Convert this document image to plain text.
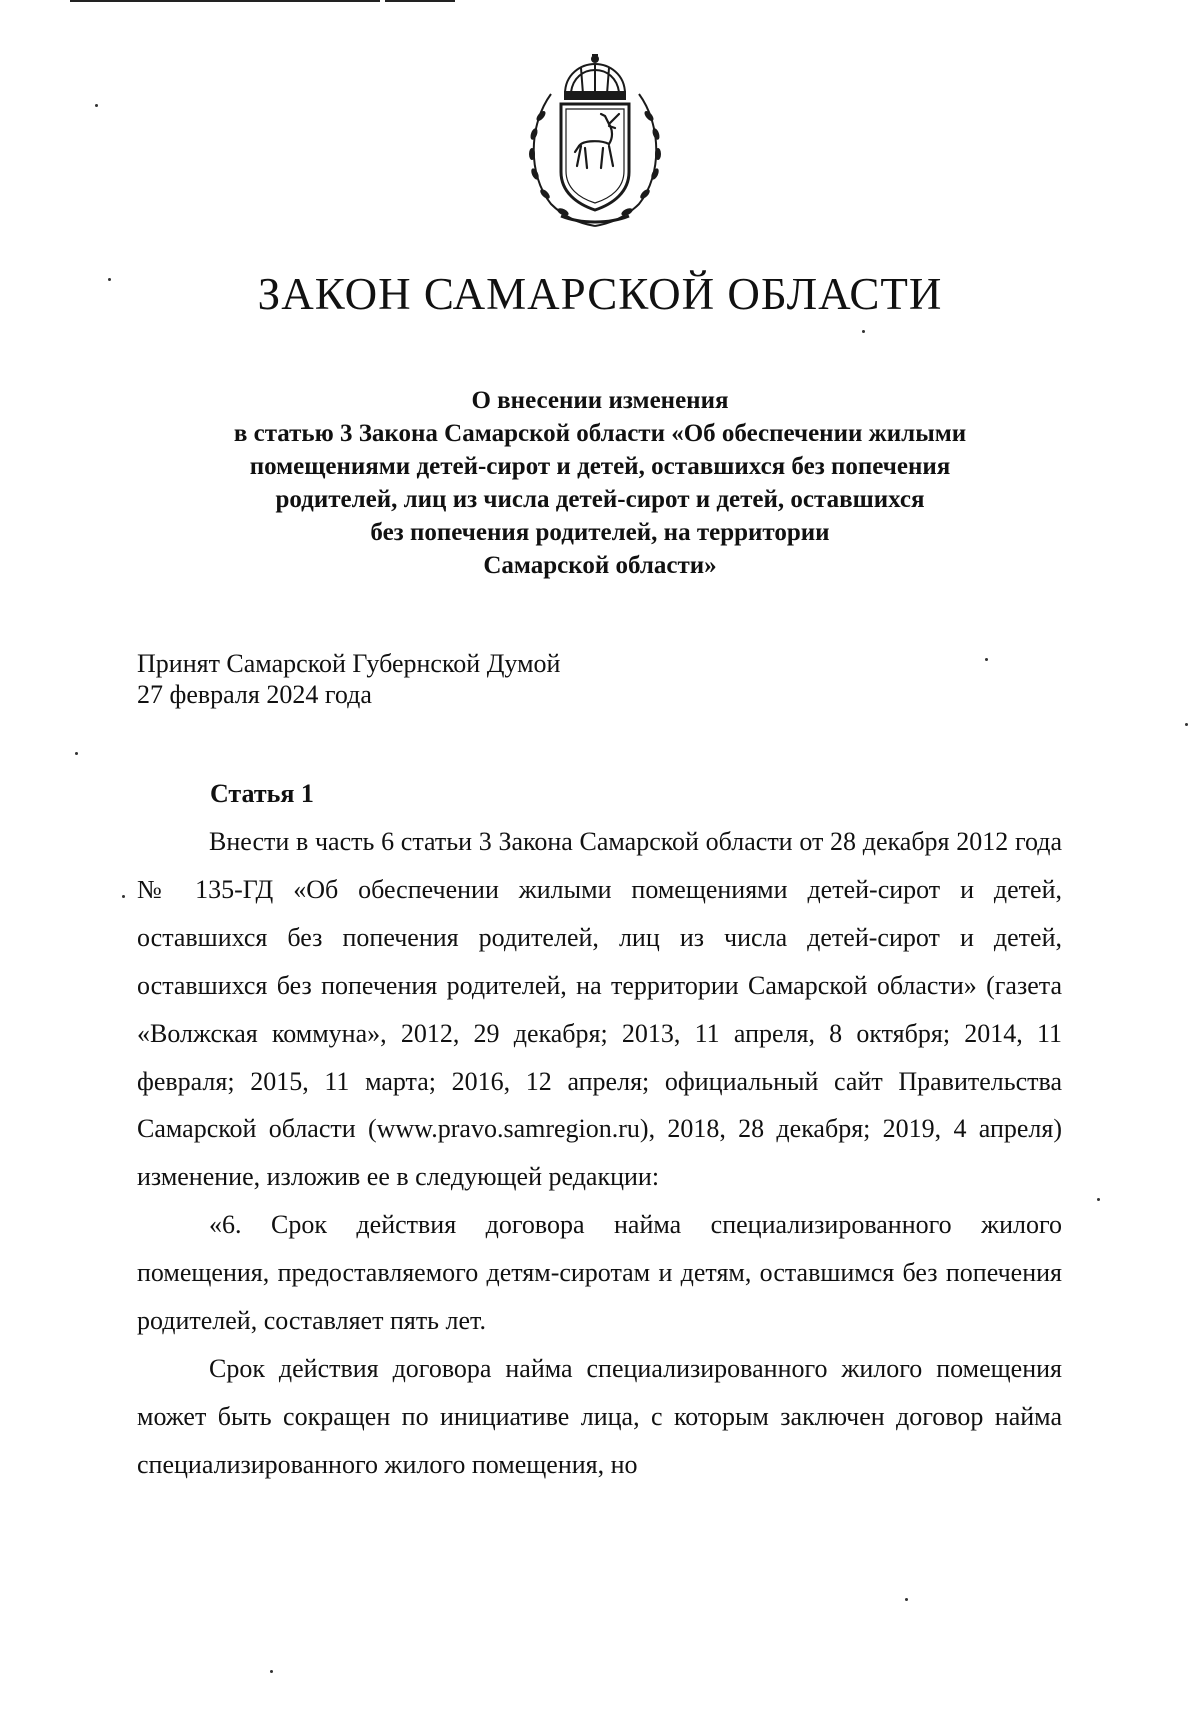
ЗАКОН САМАРСКОЙ ОБЛАСТИ
О внесении изменения
в статью 3 Закона Самарской области «Об обеспечении жилыми
помещениями детей-сирот и детей, оставшихся без попечения
родителей, лиц из числа детей-сирот и детей, оставшихся
без попечения родителей, на территории
Самарской области»
Принят Самарской Губернской Думой
27 февраля 2024 года
Статья 1

Внести в часть 6 статьи 3 Закона Самарской области от 28 декабря 2012 года № 135-ГД «Об обеспечении жилыми помещениями детей-сирот и детей, оставшихся без попечения родителей, лиц из числа детей-сирот и детей, оставшихся без попечения родителей, на территории Самарской области» (газета «Волжская коммуна», 2012, 29 декабря; 2013, 11 апреля, 8 октября; 2014, 11 февраля; 2015, 11 марта; 2016, 12 апреля; официальный сайт Правительства Самарской области (www.pravo.samregion.ru), 2018, 28 декабря; 2019, 4 апреля) изменение, изложив ее в следующей редакции:

«6. Срок действия договора найма специализированного жилого помещения, предоставляемого детям-сиротам и детям, оставшимся без попечения родителей, составляет пять лет.

Срок действия договора найма специализированного жилого помещения может быть сокращен по инициативе лица, с которым заключен договор найма специализированного жилого помещения, но
